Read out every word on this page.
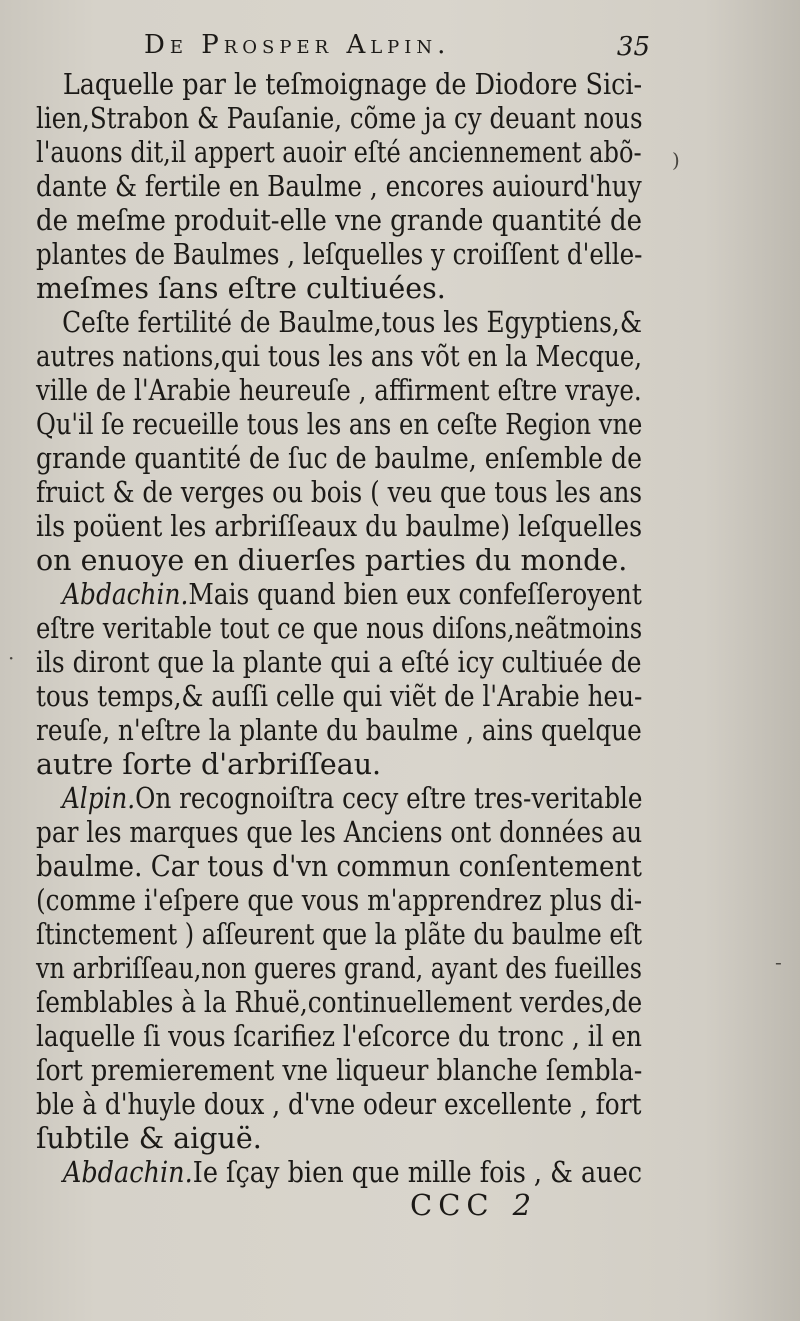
De Prosper Alpin.	35

Laquelle par le teſmoignage de Diodore Sici-
lien,Strabon & Pauſanie, cõme ja cy deuant nous
l'auons dit,il appert auoir eſté anciennement abõ-
dante & fertile en Baulme , encores auiourd'huy
de meſme produit-elle vne grande quantité de
plantes de Baulmes , leſquelles y croiſſent d'elle-
meſmes ſans eſtre cultiuées.

Ceſte fertilité de Baulme,tous les Egyptiens,&
autres nations,qui tous les ans võt en la Mecque,
ville de l'Arabie heureuſe , affirment eſtre vraye.
Qu'il ſe recueille tous les ans en ceſte Region vne
grande quantité de ſuc de baulme, enſemble de
fruict & de verges ou bois ( veu que tous les ans
ils poüent les arbriſſeaux du baulme) leſquelles
on enuoye en diuerſes parties du monde.

Abdachin.Mais quand bien eux confeſſeroyent
eſtre veritable tout ce que nous diſons,neãtmoins
ils diront que la plante qui a eſté icy cultiuée de
tous temps,& auſſi celle qui viẽt de l'Arabie heu-
reuſe, n'eſtre la plante du baulme , ains quelque
autre ſorte d'arbriſſeau.

Alpin.On recognoiſtra cecy eſtre tres-veritable
par les marques que les Anciens ont données au
baulme. Car tous d'vn commun conſentement
(comme i'eſpere que vous m'apprendrez plus di-
ſtinctement ) aſſeurent que la plãte du baulme eſt
vn arbriſſeau,non gueres grand, ayant des fueilles
ſemblables à la Rhuë,continuellement verdes,de
laquelle ſi vous ſcarifiez l'eſcorce du tronc , il en
ſort premierement vne liqueur blanche ſembla-
ble à d'huyle doux , d'vne odeur excellente , fort
ſubtile & aiguë.

Abdachin.Ie ſçay bien que mille fois , & auec

CCC 2
)
·
-
